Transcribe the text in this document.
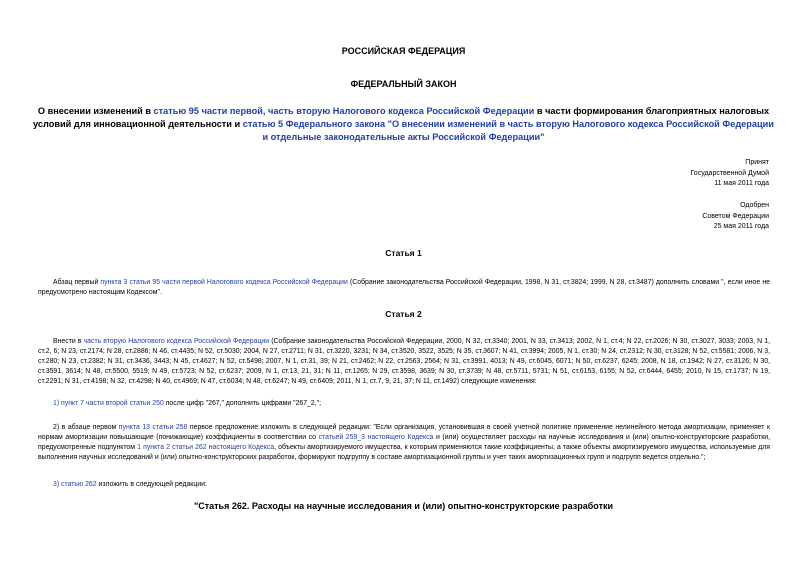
РОССИЙСКАЯ ФЕДЕРАЦИЯ
ФЕДЕРАЛЬНЫЙ ЗАКОН
О внесении изменений в статью 95 части первой, часть вторую Налогового кодекса Российской Федерации в части формирования благоприятных налоговых условий для инновационной деятельности и статью 5 Федерального закона "О внесении изменений в часть вторую Налогового кодекса Российской Федерации и отдельные законодательные акты Российской Федерации"
Принят
Государственной Думой
11 мая 2011 года
Одобрен
Советом Федерации
25 мая 2011 года
Статья 1
Абзац первый пункта 3 статьи 95 части первой Налогового кодекса Российской Федерации (Собрание законодательства Российской Федерации, 1998, N 31, ст.3824; 1999, N 28, ст.3487) дополнить словами ", если иное не предусмотрено настоящим Кодексом".
Статья 2
Внести в часть вторую Налогового кодекса Российской Федерации (Собрание законодательства Российской Федерации, 2000, N 32, ст.3340; 2001, N 33, ст.3413; 2002, N 1, ст.4; N 22, ст.2026; N 30, ст.3027, 3033; 2003, N 1, ст.2, 6; N 23, ст.2174; N 28, ст.2886; N 46, ст.4435; N 52, ст.5030; 2004, N 27, ст.2711; N 31, ст.3220, 3231; N 34, ст.3520, 3522, 3525; N 35, ст.3607; N 41, ст.3994; 2005, N 1, ст.30; N 24, ст.2312; N 30, ст.3128; N 52, ст.5581; 2006, N 3, ст.280; N 23, ст.2382; N 31, ст.3436, 3443; N 45, ст.4627; N 52, ст.5498; 2007, N 1, ст.31, 39; N 21, ст.2462; N 22, ст.2563, 2564; N 31, ст.3991, 4013; N 49, ст.6045, 6071; N 50, ст.6237, 6245; 2008, N 18, ст.1942; N 27, ст.3126; N 30, ст.3591, 3614; N 48, ст.5500, 5519; N 49, ст.5723; N 52, ст.6237; 2009, N 1, ст.13, 21, 31; N 11, ст.1265; N 29, ст.3598, 3639; N 30, ст.3739; N 48, ст.5711, 5731; N 51, ст.6153, 6155; N 52, ст.6444, 6455; 2010, N 15, ст.1737; N 19, ст.2291; N 31, ст.4198; N 32, ст.4298; N 40, ст.4969; N 47, ст.6034; N 48, ст.6247; N 49, ст.6409; 2011, N 1, ст.7, 9, 21, 37; N 11, ст.1492) следующие изменения:
1) пункт 7 части второй статьи 250 после цифр "267," дополнить цифрами "267_2,";
2) в абзаце первом пункта 13 статьи 258 первое предложение изложить в следующей редакции: "Если организация, установившая в своей учетной политике применение нелинейного метода амортизации, применяет к нормам амортизации повышающие (понижающие) коэффициенты в соответствии со статьей 259_3 настоящего Кодекса и (или) осуществляет расходы на научные исследования и (или) опытно-конструкторские разработки, предусмотренные подпунктом 1 пункта 2 статьи 262 настоящего Кодекса, объекты амортизируемого имущества, к которым применяются такие коэффициенты, а также объекты амортизируемого имущества, используемые для выполнения научных исследований и (или) опытно-конструкторских разработок, формируют подгруппу в составе амортизационной группы и учет таких амортизационных групп и подгрупп ведется отдельно.";
3) статью 262 изложить в следующей редакции:
"Статья 262. Расходы на научные исследования и (или) опытно-конструкторские разработки
